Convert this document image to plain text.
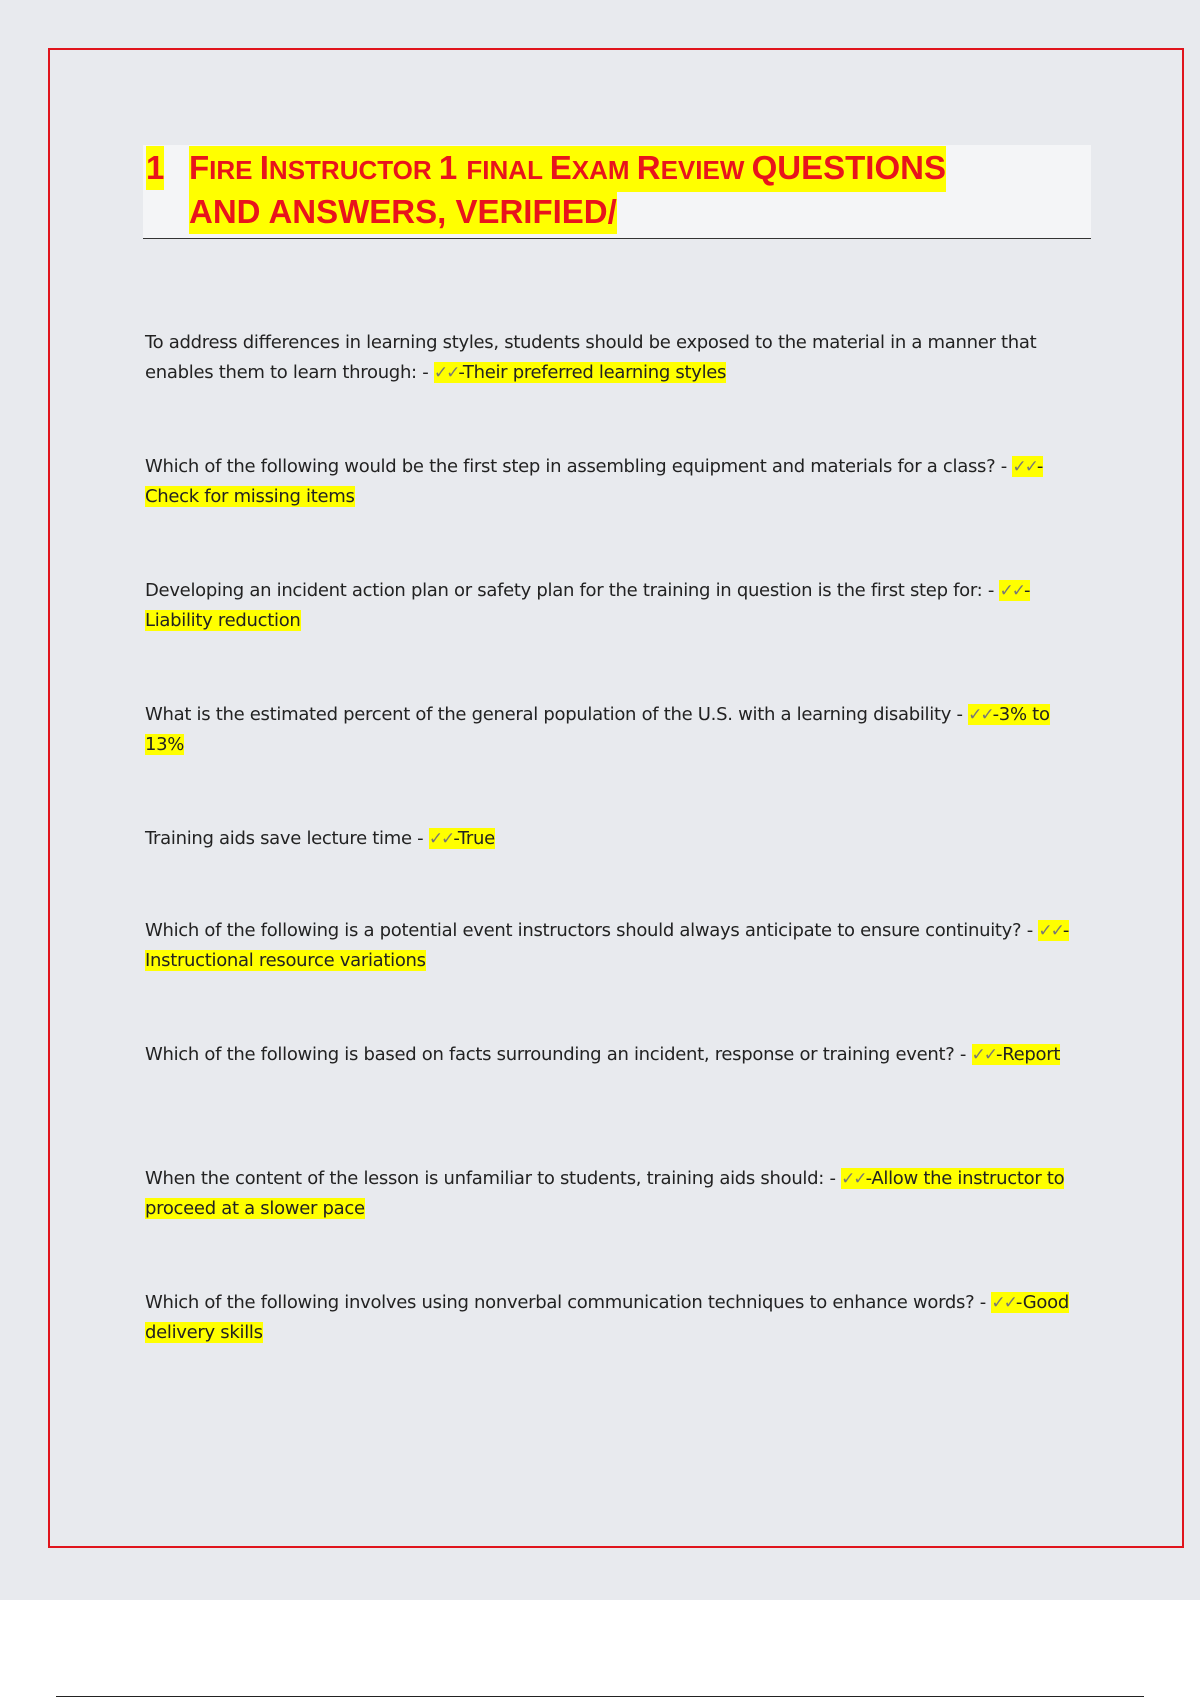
1 FIRE INSTRUCTOR 1 FINAL EXAM REVIEW QUESTIONS
AND ANSWERS, VERIFIED/
To address differences in learning styles, students should be exposed to the material in a manner that enables them to learn through: - ✓✓-Their preferred learning styles
Which of the following would be the first step in assembling equipment and materials for a class? - ✓✓-Check for missing items
Developing an incident action plan or safety plan for the training in question is the first step for: - ✓✓-Liability reduction
What is the estimated percent of the general population of the U.S. with a learning disability - ✓✓-3% to 13%
Training aids save lecture time - ✓✓-True
Which of the following is a potential event instructors should always anticipate to ensure continuity? - ✓✓-Instructional resource variations
Which of the following is based on facts surrounding an incident, response or training event? - ✓✓-Report
When the content of the lesson is unfamiliar to students, training aids should: - ✓✓-Allow the instructor to proceed at a slower pace
Which of the following involves using nonverbal communication techniques to enhance words? - ✓✓-Good delivery skills
